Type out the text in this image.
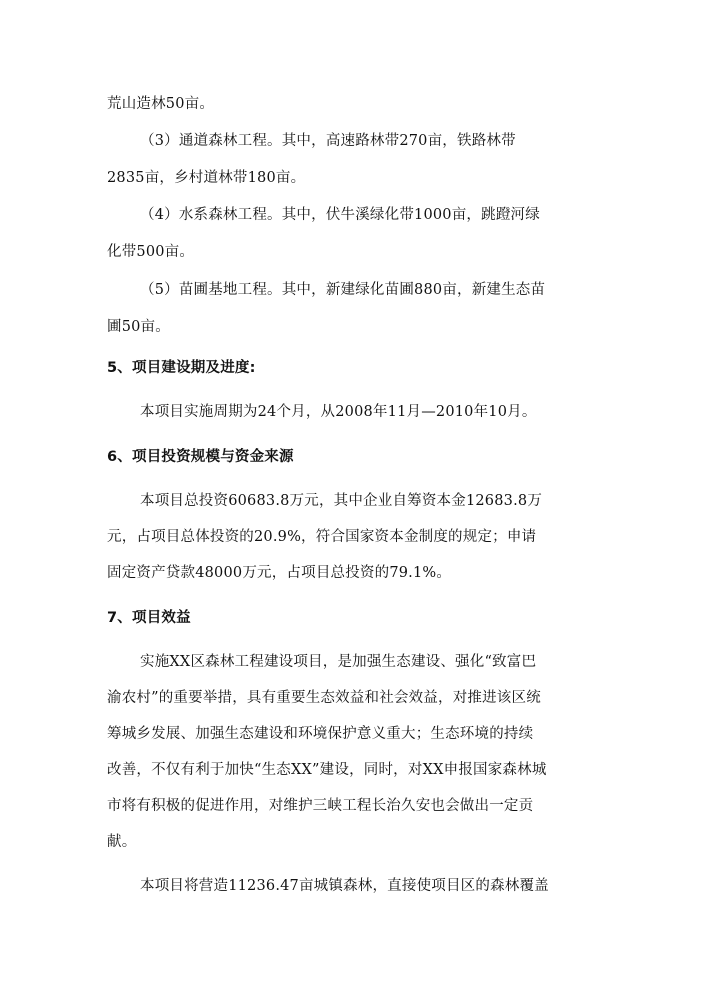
荒山造林50亩。
（3）通道森林工程。其中，高速路林带270亩，铁路林带
2835亩，乡村道林带180亩。
（4）水系森林工程。其中，伏牛溪绿化带1000亩，跳蹬河绿
化带500亩。
（5）苗圃基地工程。其中，新建绿化苗圃880亩，新建生态苗
圃50亩。
5、项目建设期及进度:
本项目实施周期为24个月，从2008年11月—2010年10月。
6、项目投资规模与资金来源
本项目总投资60683.8万元，其中企业自筹资本金12683.8万
元，占项目总体投资的20.9%，符合国家资本金制度的规定；申请
固定资产贷款48000万元，占项目总投资的79.1%。
7、项目效益
实施XX区森林工程建设项目，是加强生态建设、强化“致富巴
渝农村”的重要举措，具有重要生态效益和社会效益，对推进该区统
筹城乡发展、加强生态建设和环境保护意义重大；生态环境的持续
改善，不仅有利于加快“生态XX”建设，同时，对XX申报国家森林城
市将有积极的促进作用，对维护三峡工程长治久安也会做出一定贡
献。
本项目将营造11236.47亩城镇森林，直接使项目区的森林覆盖
